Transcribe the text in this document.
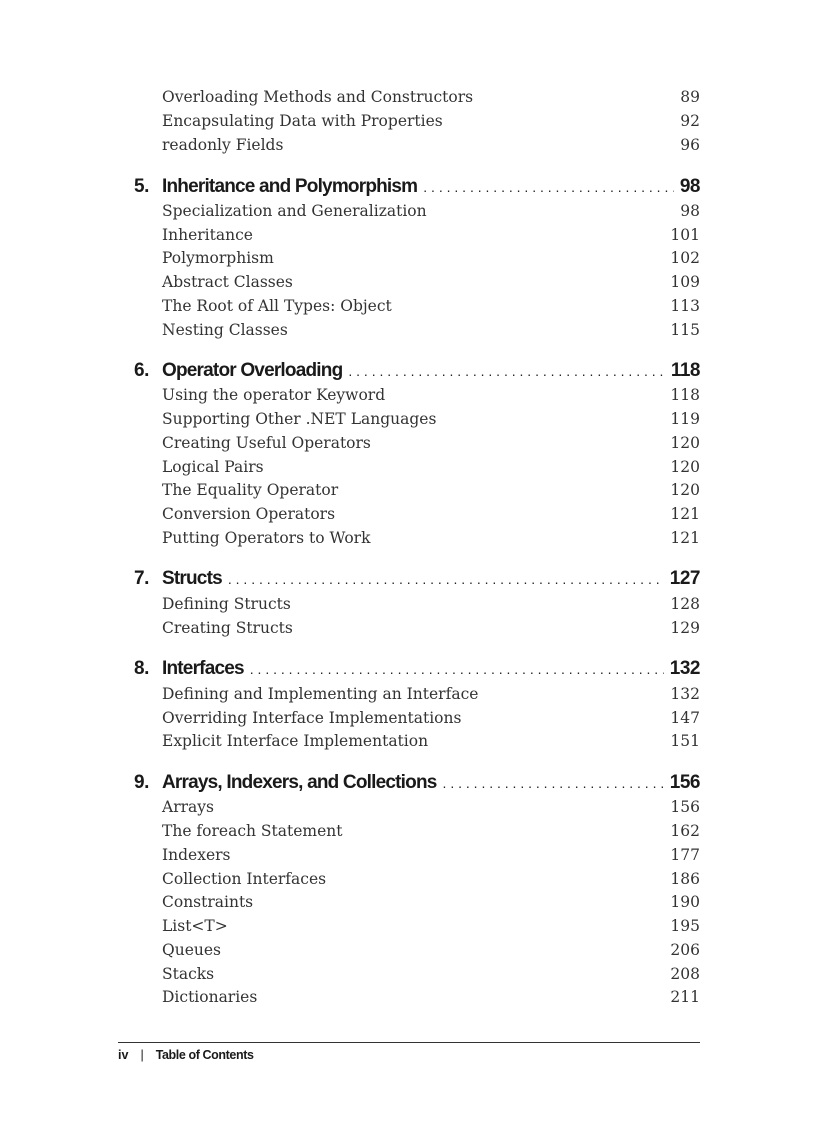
Overloading Methods and Constructors	89
Encapsulating Data with Properties	92
readonly Fields	96
5. Inheritance and Polymorphism . . .	98
Specialization and Generalization	98
Inheritance	101
Polymorphism	102
Abstract Classes	109
The Root of All Types: Object	113
Nesting Classes	115
6. Operator Overloading . . .	118
Using the operator Keyword	118
Supporting Other .NET Languages	119
Creating Useful Operators	120
Logical Pairs	120
The Equality Operator	120
Conversion Operators	121
Putting Operators to Work	121
7. Structs . . .	127
Defining Structs	128
Creating Structs	129
8. Interfaces . . .	132
Defining and Implementing an Interface	132
Overriding Interface Implementations	147
Explicit Interface Implementation	151
9. Arrays, Indexers, and Collections . . .	156
Arrays	156
The foreach Statement	162
Indexers	177
Collection Interfaces	186
Constraints	190
List<T>	195
Queues	206
Stacks	208
Dictionaries	211
iv | Table of Contents
